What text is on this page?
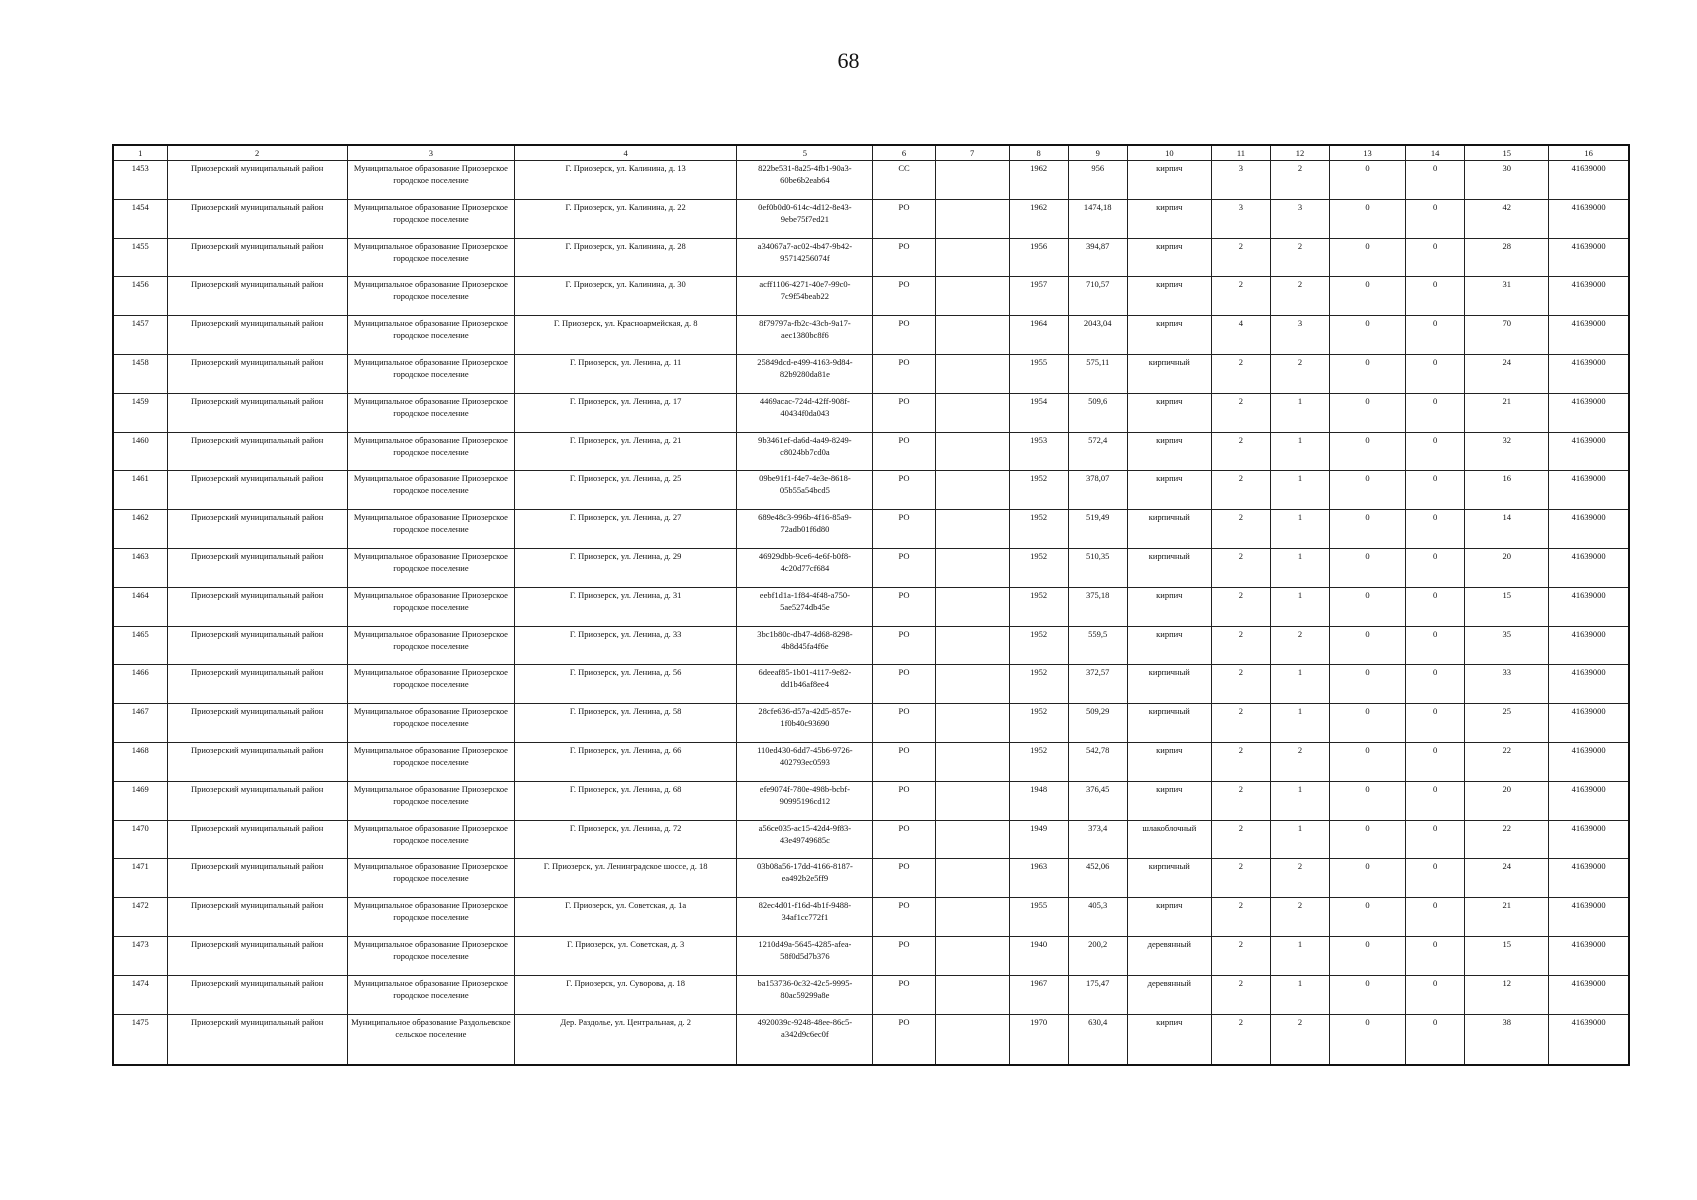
68
1	2	3	4	5	6	7	8	9	10	11	12	13	14	15	16
1453	Приозерский муниципальный район	Муниципальное образование Приозерское городское поселение	Г. Приозерск, ул. Калинина, д. 13	822be531-8a25-4fb1-90a3-60be6b2eab64	СС		1962	956	кирпич	3	2	0	0	30	41639000
1454	Приозерский муниципальный район	Муниципальное образование Приозерское городское поселение	Г. Приозерск, ул. Калинина, д. 22	0ef0b0d0-614c-4d12-8e43-9ebe75f7ed21	РО		1962	1474,18	кирпич	3	3	0	0	42	41639000
1455	Приозерский муниципальный район	Муниципальное образование Приозерское городское поселение	Г. Приозерск, ул. Калинина, д. 28	a34067a7-ac02-4b47-9b42-95714256074f	РО		1956	394,87	кирпич	2	2	0	0	28	41639000
1456	Приозерский муниципальный район	Муниципальное образование Приозерское городское поселение	Г. Приозерск, ул. Калинина, д. 30	acff1106-4271-40e7-99c0-7c9f54beab22	РО		1957	710,57	кирпич	2	2	0	0	31	41639000
1457	Приозерский муниципальный район	Муниципальное образование Приозерское городское поселение	Г. Приозерск, ул. Красноармейская, д. 8	8f79797a-fb2c-43cb-9a17-aec1380bc8f6	РО		1964	2043,04	кирпич	4	3	0	0	70	41639000
1458	Приозерский муниципальный район	Муниципальное образование Приозерское городское поселение	Г. Приозерск, ул. Ленина, д. 11	25849dcd-e499-4163-9d84-82b9280da81e	РО		1955	575,11	кирпичный	2	2	0	0	24	41639000
1459	Приозерский муниципальный район	Муниципальное образование Приозерское городское поселение	Г. Приозерск, ул. Ленина, д. 17	4469acac-724d-42ff-908f-40434f0da043	РО		1954	509,6	кирпич	2	1	0	0	21	41639000
1460	Приозерский муниципальный район	Муниципальное образование Приозерское городское поселение	Г. Приозерск, ул. Ленина, д. 21	9b3461ef-da6d-4a49-8249-c8024bb7cd0a	РО		1953	572,4	кирпич	2	1	0	0	32	41639000
1461	Приозерский муниципальный район	Муниципальное образование Приозерское городское поселение	Г. Приозерск, ул. Ленина, д. 25	09be91f1-f4e7-4e3e-8618-05b55a54bcd5	РО		1952	378,07	кирпич	2	1	0	0	16	41639000
1462	Приозерский муниципальный район	Муниципальное образование Приозерское городское поселение	Г. Приозерск, ул. Ленина, д. 27	689e48c3-996b-4f16-85a9-72adb01f6d80	РО		1952	519,49	кирпичный	2	1	0	0	14	41639000
1463	Приозерский муниципальный район	Муниципальное образование Приозерское городское поселение	Г. Приозерск, ул. Ленина, д. 29	46929dbb-9ce6-4e6f-b0f8-4c20d77cf684	РО		1952	510,35	кирпичный	2	1	0	0	20	41639000
1464	Приозерский муниципальный район	Муниципальное образование Приозерское городское поселение	Г. Приозерск, ул. Ленина, д. 31	eebf1d1a-1f84-4f48-a750-5ae5274db45e	РО		1952	375,18	кирпич	2	1	0	0	15	41639000
1465	Приозерский муниципальный район	Муниципальное образование Приозерское городское поселение	Г. Приозерск, ул. Ленина, д. 33	3bc1b80c-db47-4d68-8298-4b8d45fa4f6e	РО		1952	559,5	кирпич	2	2	0	0	35	41639000
1466	Приозерский муниципальный район	Муниципальное образование Приозерское городское поселение	Г. Приозерск, ул. Ленина, д. 56	6deeaf85-1b01-4117-9e82-dd1b46af8ee4	РО		1952	372,57	кирпичный	2	1	0	0	33	41639000
1467	Приозерский муниципальный район	Муниципальное образование Приозерское городское поселение	Г. Приозерск, ул. Ленина, д. 58	28cfe636-d57a-42d5-857e-1f0b40c93690	РО		1952	509,29	кирпичный	2	1	0	0	25	41639000
1468	Приозерский муниципальный район	Муниципальное образование Приозерское городское поселение	Г. Приозерск, ул. Ленина, д. 66	110ed430-6dd7-45b6-9726-402793ec0593	РО		1952	542,78	кирпич	2	2	0	0	22	41639000
1469	Приозерский муниципальный район	Муниципальное образование Приозерское городское поселение	Г. Приозерск, ул. Ленина, д. 68	efe9074f-780e-498b-bcbf-90995196cd12	РО		1948	376,45	кирпич	2	1	0	0	20	41639000
1470	Приозерский муниципальный район	Муниципальное образование Приозерское городское поселение	Г. Приозерск, ул. Ленина, д. 72	a56ce035-ac15-42d4-9f83-43e49749685c	РО		1949	373,4	шлакоблочный	2	1	0	0	22	41639000
1471	Приозерский муниципальный район	Муниципальное образование Приозерское городское поселение	Г. Приозерск, ул. Ленинградское шоссе, д. 18	03b08a56-17dd-4166-8187-ea492b2e5ff9	РО		1963	452,06	кирпичный	2	2	0	0	24	41639000
1472	Приозерский муниципальный район	Муниципальное образование Приозерское городское поселение	Г. Приозерск, ул. Советская, д. 1а	82ec4d01-f16d-4b1f-9488-34af1cc772f1	РО		1955	405,3	кирпич	2	2	0	0	21	41639000
1473	Приозерский муниципальный район	Муниципальное образование Приозерское городское поселение	Г. Приозерск, ул. Советская, д. 3	1210d49a-5645-4285-afea-58f0d5d7b376	РО		1940	200,2	деревянный	2	1	0	0	15	41639000
1474	Приозерский муниципальный район	Муниципальное образование Приозерское городское поселение	Г. Приозерск, ул. Суворова, д. 18	ba153736-0c32-42c5-9995-80ac59299a8e	РО		1967	175,47	деревянный	2	1	0	0	12	41639000
1475	Приозерский муниципальный район	Муниципальное образование Раздольевское сельское поселение	Дер. Раздолье, ул. Центральная, д. 2	4920039c-9248-48ee-86c5-a342d9c6ec0f	РО		1970	630,4	кирпич	2	2	0	0	38	41639000
